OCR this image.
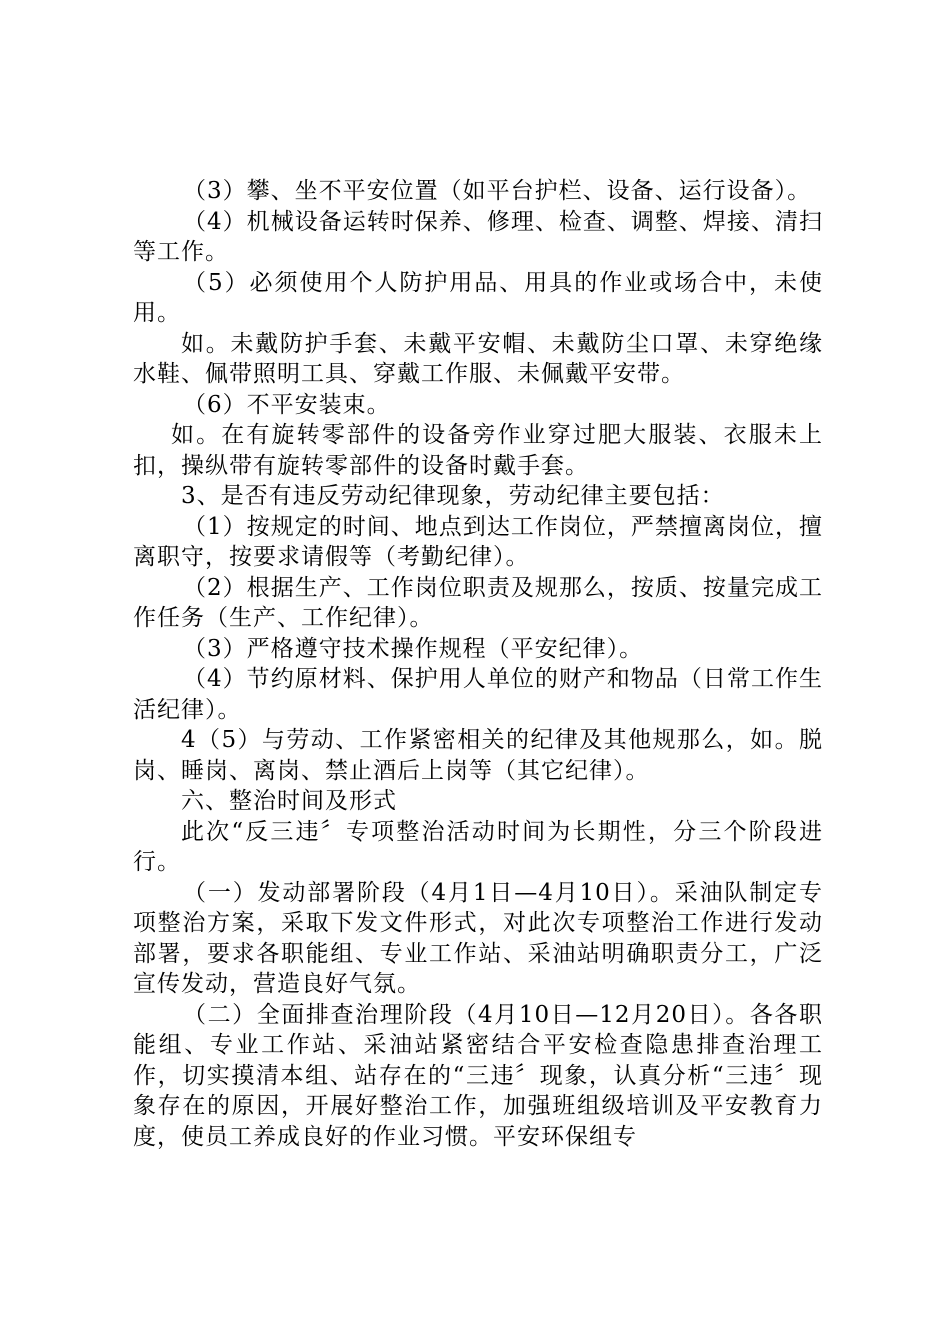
（3）攀、坐不平安位置（如平台护栏、设备、运行设备）。

（4）机械设备运转时保养、修理、检查、调整、焊接、清扫等工作。

（5）必须使用个人防护用品、用具的作业或场合中，未使用。

如。未戴防护手套、未戴平安帽、未戴防尘口罩、未穿绝缘水鞋、佩带照明工具、穿戴工作服、未佩戴平安带。

（6）不平安装束。

如。在有旋转零部件的设备旁作业穿过肥大服装、衣服未上扣，操纵带有旋转零部件的设备时戴手套。

3、是否有违反劳动纪律现象，劳动纪律主要包括：

（1）按规定的时间、地点到达工作岗位，严禁擅离岗位，擅离职守，按要求请假等（考勤纪律）。

（2）根据生产、工作岗位职责及规那么，按质、按量完成工作任务（生产、工作纪律）。

（3）严格遵守技术操作规程（平安纪律）。

（4）节约原材料、保护用人单位的财产和物品（日常工作生活纪律）。

4（5）与劳动、工作紧密相关的纪律及其他规那么，如。脱岗、睡岗、离岗、禁止酒后上岗等（其它纪律）。

六、整治时间及形式

此次“反三违〞专项整治活动时间为长期性，分三个阶段进行。

（一）发动部署阶段（4月1日—4月10日）。采油队制定专项整治方案，采取下发文件形式，对此次专项整治工作进行发动部署，要求各职能组、专业工作站、采油站明确职责分工，广泛宣传发动，营造良好气氛。

（二）全面排查治理阶段（4月10日—12月20日）。各各职能组、专业工作站、采油站紧密结合平安检查隐患排查治理工作，切实摸清本组、站存在的“三违〞现象，认真分析“三违〞现象存在的原因，开展好整治工作，加强班组级培训及平安教育力度，使员工养成良好的作业习惯。平安环保组专
